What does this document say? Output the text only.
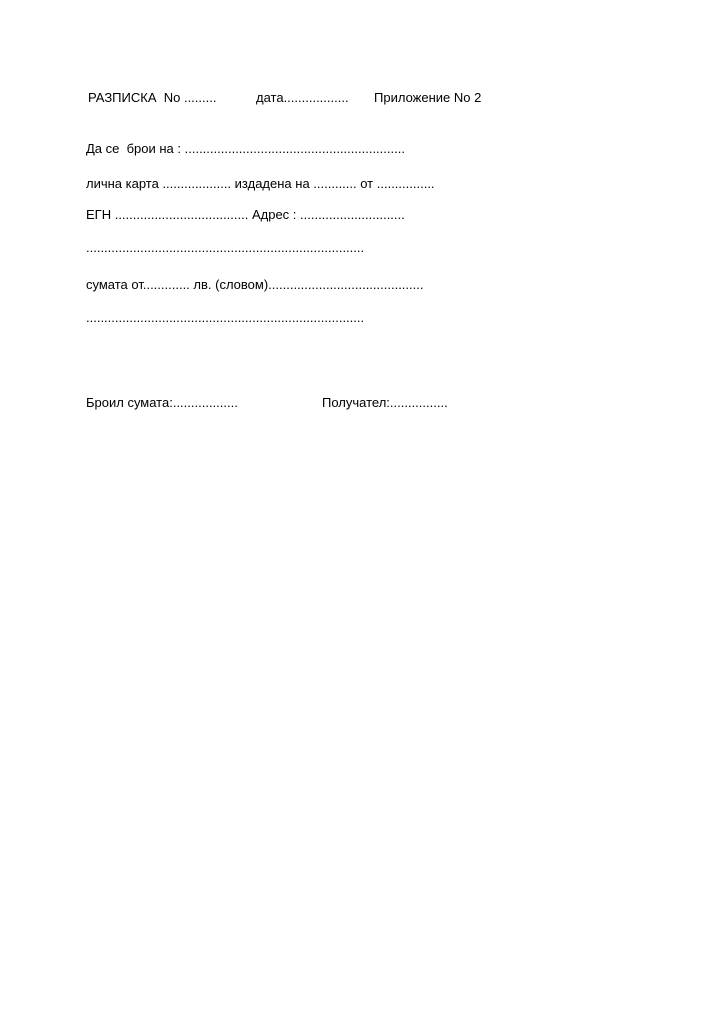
РАЗПИСКА  No .........	дата.................. Приложение No 2
Да се  брои на : .............................................................
лична карта ................... издадена на ............ от ................
ЕГН ..................................... Адрес : .............................
.............................................................................
сумата от............. лв. (словом)...........................................
.............................................................................
Броил сумата:..................	Получател:................
